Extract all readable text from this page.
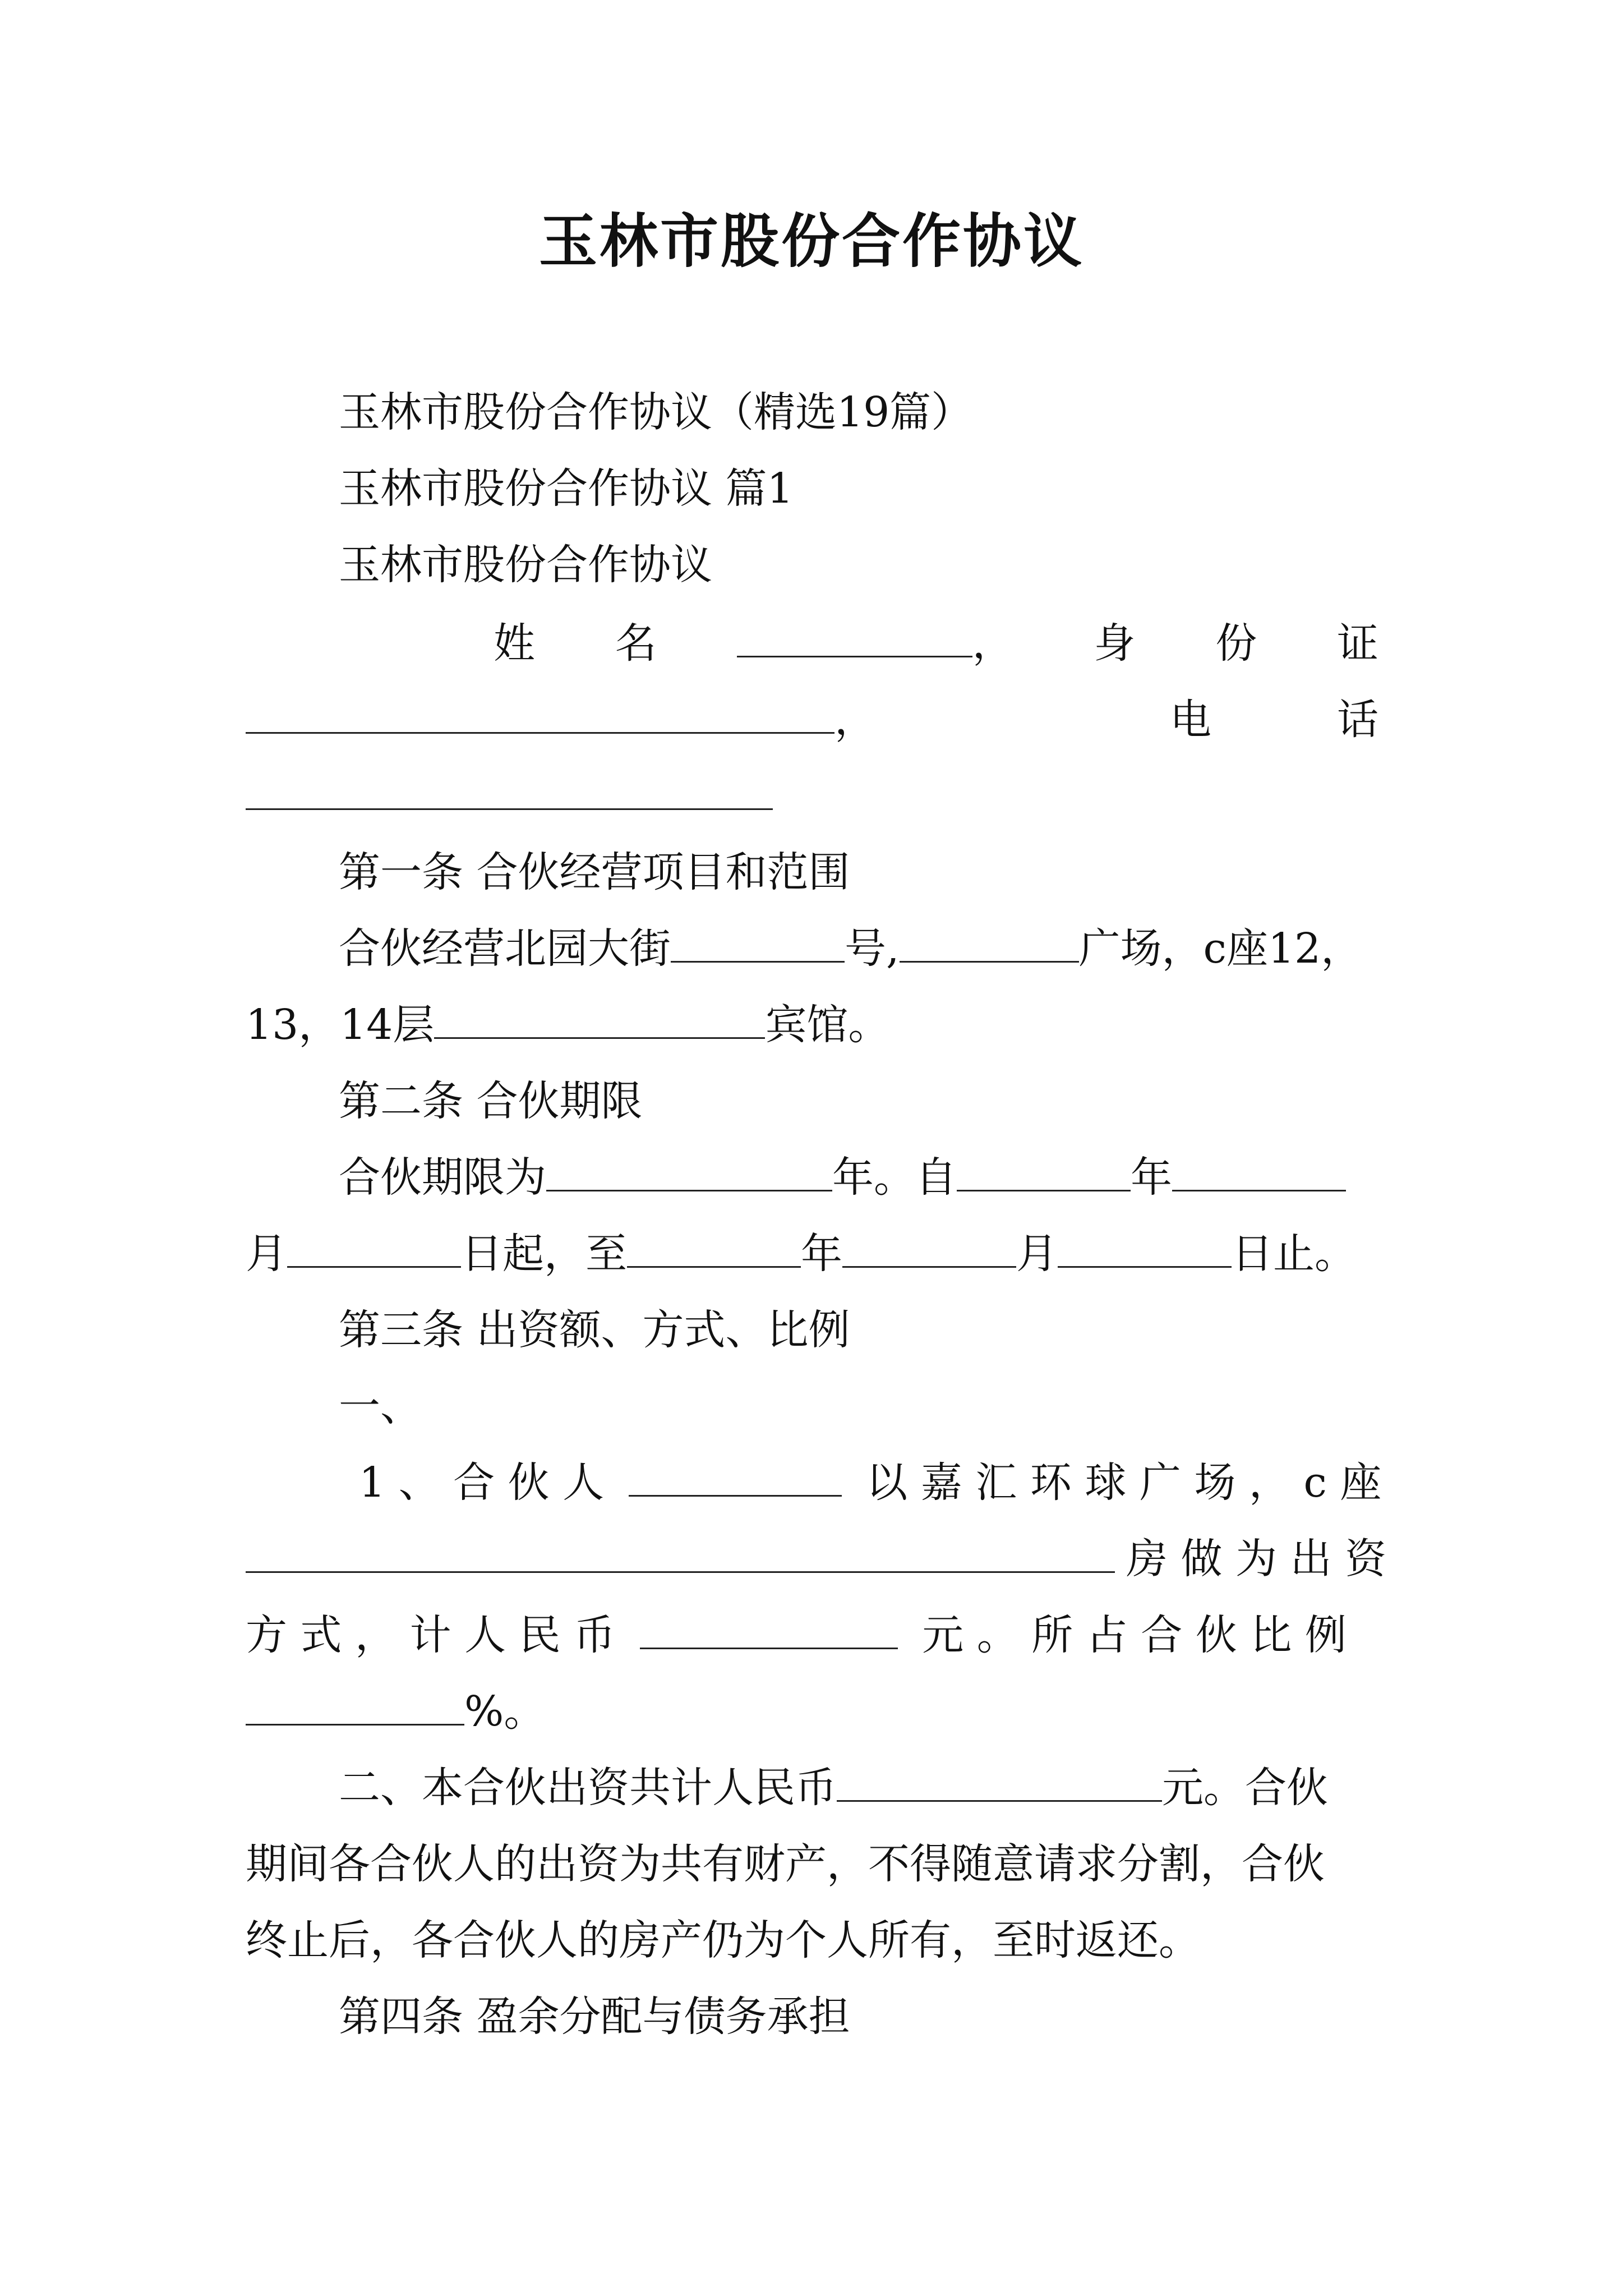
玉林市股份合作协议
玉林市股份合作协议（精选19篇）
玉林市股份合作协议 篇1
玉林市股份合作协议
姓 名	， 身 份 证
，	电	话
第一条 合伙经营项目和范围
合伙经营北园大街	号,	广场，c座12，
13，14层	宾馆。
第二条 合伙期限
合伙期限为	年。自	年
月	日起，至	年	月	日止。
第三条 出资额、方式、比例
一、
1 、 合 伙 人	以 嘉 汇 环 球 广 场 ， c 座
房 做 为 出 资
方 式 ， 计 人 民 币	元 。 所 占 合 伙 比 例
%。
二、本合伙出资共计人民币	元。合伙
期间各合伙人的出资为共有财产，不得随意请求分割，合伙
终止后，各合伙人的房产仍为个人所有，至时返还。
第四条 盈余分配与债务承担
